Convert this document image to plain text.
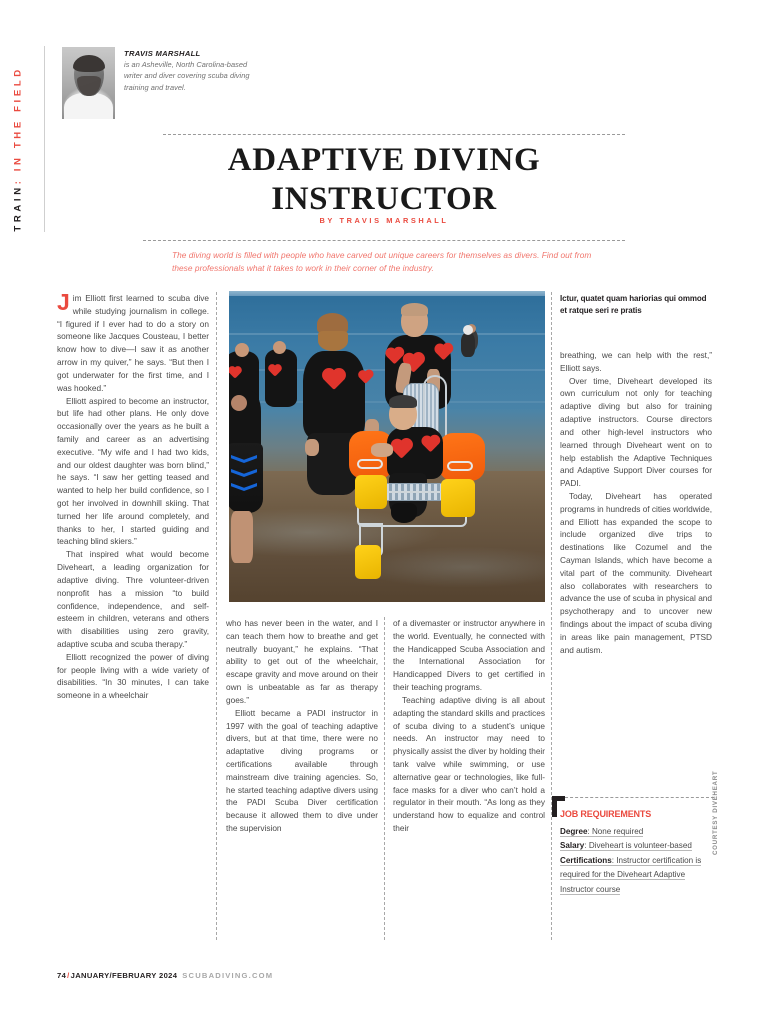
TRAIN: IN THE FIELD
TRAVIS MARSHALL
is an Asheville, North Carolina-based writer and diver covering scuba diving training and travel.
ADAPTIVE DIVING
INSTRUCTOR
BY TRAVIS MARSHALL
The diving world is filled with people who have carved out unique careers for themselves as divers. Find out from these professionals what it takes to work in their corner of the industry.

Jim Elliott first learned to scuba dive while studying journalism in college. “I figured if I ever had to do a story on someone like Jacques Cousteau, I better know how to dive—I saw it as another arrow in my quiver,” he says. “But then I got underwater for the first time, and I was hooked.”

Elliott aspired to become an instructor, but life had other plans. He only dove occasionally over the years as he built a family and career as an advertising executive. “My wife and I had two kids, and our oldest daughter was born blind,” he says. “I saw her getting teased and wanted to help her build confidence, so I got her involved in downhill skiing. That turned her life around completely, and thanks to her, I started guiding and teaching blind skiers.”

That inspired what would become Diveheart, a leading organization for adaptive diving. Thre volunteer-driven nonprofit has a mission “to build confidence, independence, and self-esteem in children, veterans and others with disabilities using zero gravity, adaptive scuba and scuba therapy.”

Elliott recognized the power of diving for people living with a wide variety of disabilities. “In 30 minutes, I can take someone in a wheelchair

Ictur, quatet quam hariorias qui ommod et ratque seri re pratis

who has never been in the water, and I can teach them how to breathe and get neutrally buoyant,” he explains. “That ability to get out of the wheelchair, escape gravity and move around on their own is unbeatable as far as therapy goes.”

Elliott became a PADI instructor in 1997 with the goal of teaching adaptive divers, but at that time, there were no adaptative diving programs or certifications available through mainstream dive training agencies. So, he started teaching adaptive divers using the PADI Scuba Diver certification because it allowed them to dive under the supervision

of a divemaster or instructor anywhere in the world. Eventually, he connected with the Handicapped Scuba Association and the International Association for Handicapped Divers to get certified in their teaching programs.

Teaching adaptive diving is all about adapting the standard skills and practices of scuba diving to a student’s unique needs. An instructor may need to physically assist the diver by holding their tank valve while swimming, or use alternative gear or technologies, like full-face masks for a diver who can’t hold a regulator in their mouth. “As long as they understand how to equalize and control their

breathing, we can help with the rest,” Elliott says.

Over time, Diveheart developed its own curriculum not only for teaching adaptive diving but also for training adaptive instructors. Course directors and other high-level instructors who learned through Diveheart went on to help establish the Adaptive Techniques and Adaptive Support Diver courses for PADI.

Today, Diveheart has operated programs in hundreds of cities worldwide, and Elliott has expanded the scope to include organized dive trips to destinations like Cozumel and the Cayman Islands, which have become a vital part of the community. Diveheart also collaborates with researchers to advance the use of scuba in physical and psychotherapy and to uncover new findings about the impact of scuba diving in areas like pain management, PTSD and autism.

JOB REQUIREMENTS
Degree: None required
Salary: Diveheart is volunteer-based
Certifications: Instructor certification is required for the Diveheart Adaptive Instructor course
COURTESY DIVEHEART
74/JANUARY/FEBRUARY 2024 SCUBADIVING.COM
